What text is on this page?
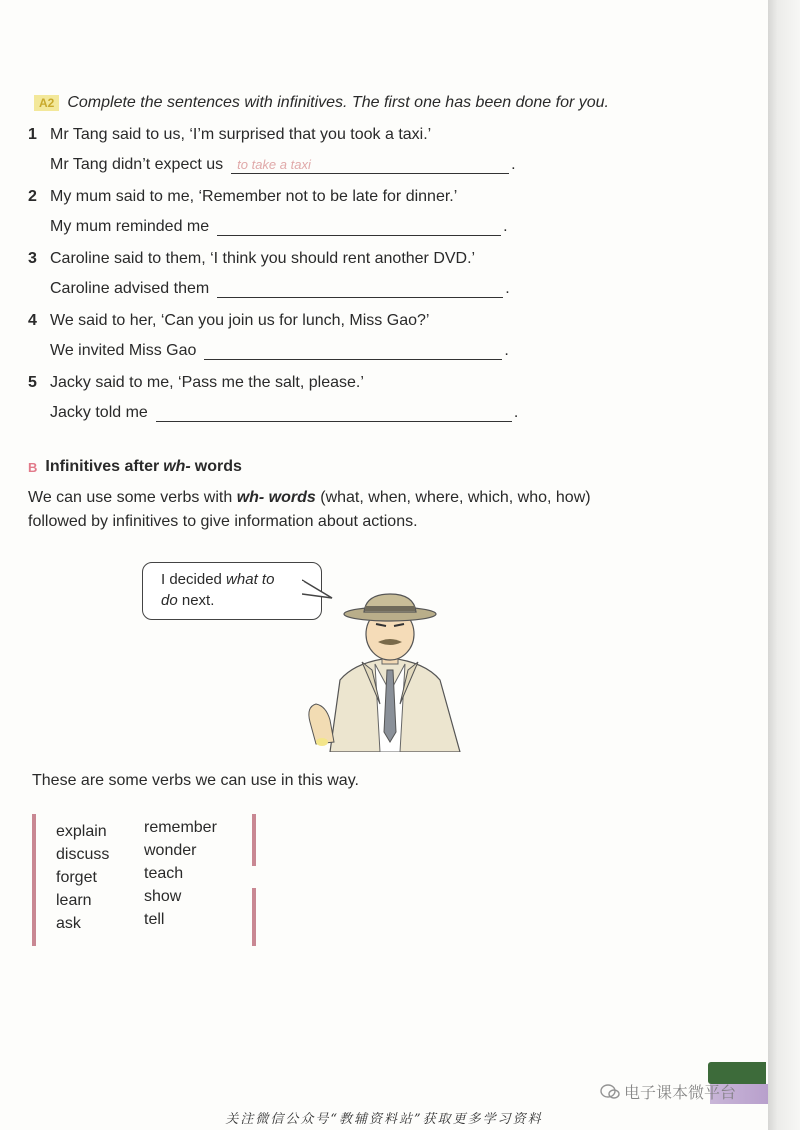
A2 Complete the sentences with infinitives. The first one has been done for you.
1 Mr Tang said to us, ‘I’m surprised that you took a taxi.’
Mr Tang didn’t expect us to take a taxi	.
2 My mum said to me, ‘Remember not to be late for dinner.’
My mum reminded me	.
3 Caroline said to them, ‘I think you should rent another DVD.’
Caroline advised them	.
4 We said to her, ‘Can you join us for lunch, Miss Gao?’
We invited Miss Gao	.
5 Jacky said to me, ‘Pass me the salt, please.’
Jacky told me	.
B Infinitives after wh- words
We can use some verbs with wh- words (what, when, where, which, who, how) followed by infinitives to give information about actions.
I decided what to
do next.
These are some verbs we can use in this way.
explain
discuss
forget
learn
ask
remember
wonder
teach
show
tell
电子课本微平台
关注微信公众号“教辅资料站”获取更多学习资料
